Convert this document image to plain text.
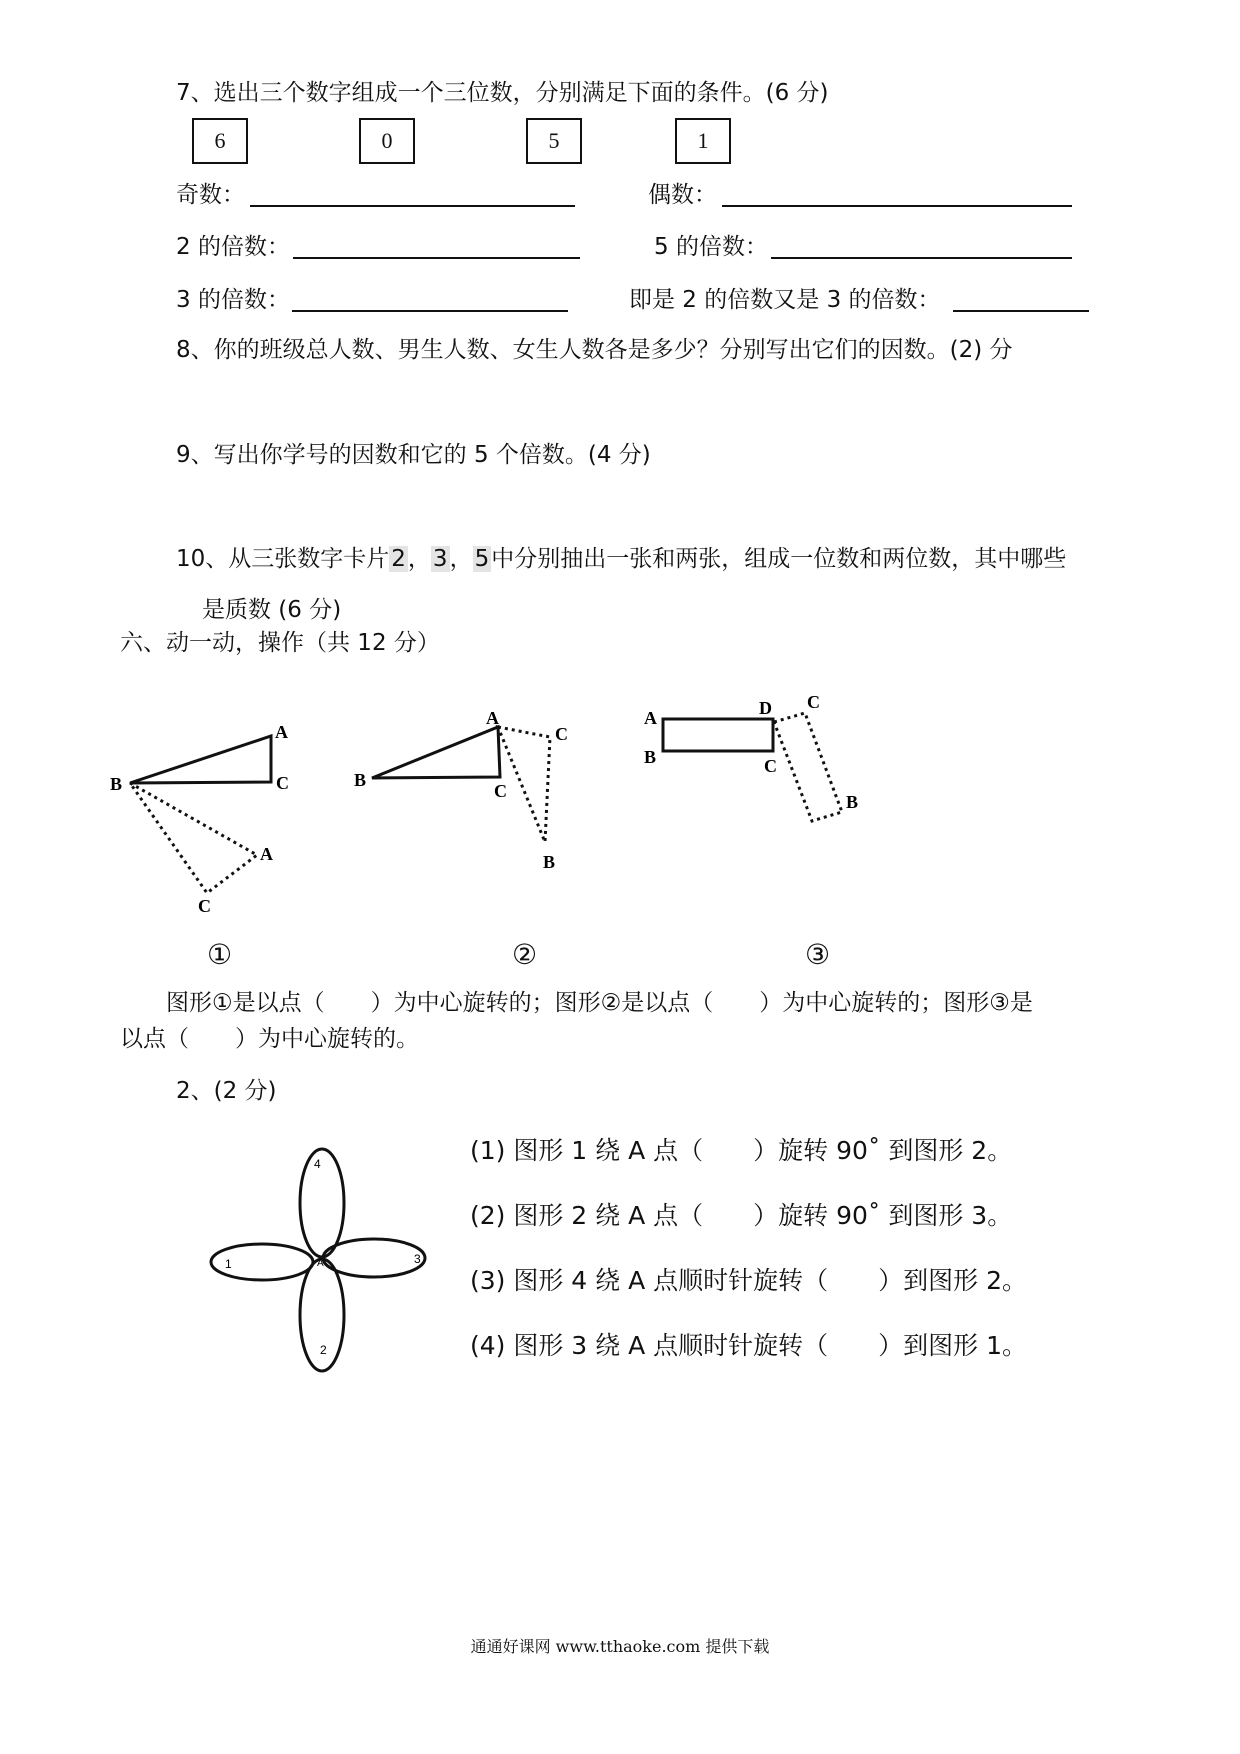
7、选出三个数字组成一个三位数，分别满足下面的条件。(6 分)
6	0	5	1
奇数：	偶数：
2 的倍数：	5 的倍数：
3 的倍数：	即是 2 的倍数又是 3 的倍数：
8、你的班级总人数、男生人数、女生人数各是多少？分别写出它们的因数。(2) 分
9、写出你学号的因数和它的 5 个倍数。(4 分)
10、从三张数字卡片2，3，5中分别抽出一张和两张，组成一位数和两位数，其中哪些
是质数 (6 分)
六、动一动，操作（共 12 分）
A
C
B
A
C
A
C
B
C
B
A
B
D
C
C
B
①	②	③
图形①是以点（　　）为中心旋转的；图形②是以点（　　）为中心旋转的；图形③是
以点（　　）为中心旋转的。
2、(2 分)
1
2
3
4
A
(1) 图形 1 绕 A 点（　　）旋转 90˚ 到图形 2。
(2) 图形 2 绕 A 点（　　）旋转 90˚ 到图形 3。
(3) 图形 4 绕 A 点顺时针旋转（　　）到图形 2。
(4) 图形 3 绕 A 点顺时针旋转（　　）到图形 1。
通通好课网 www.tthaoke.com 提供下载
